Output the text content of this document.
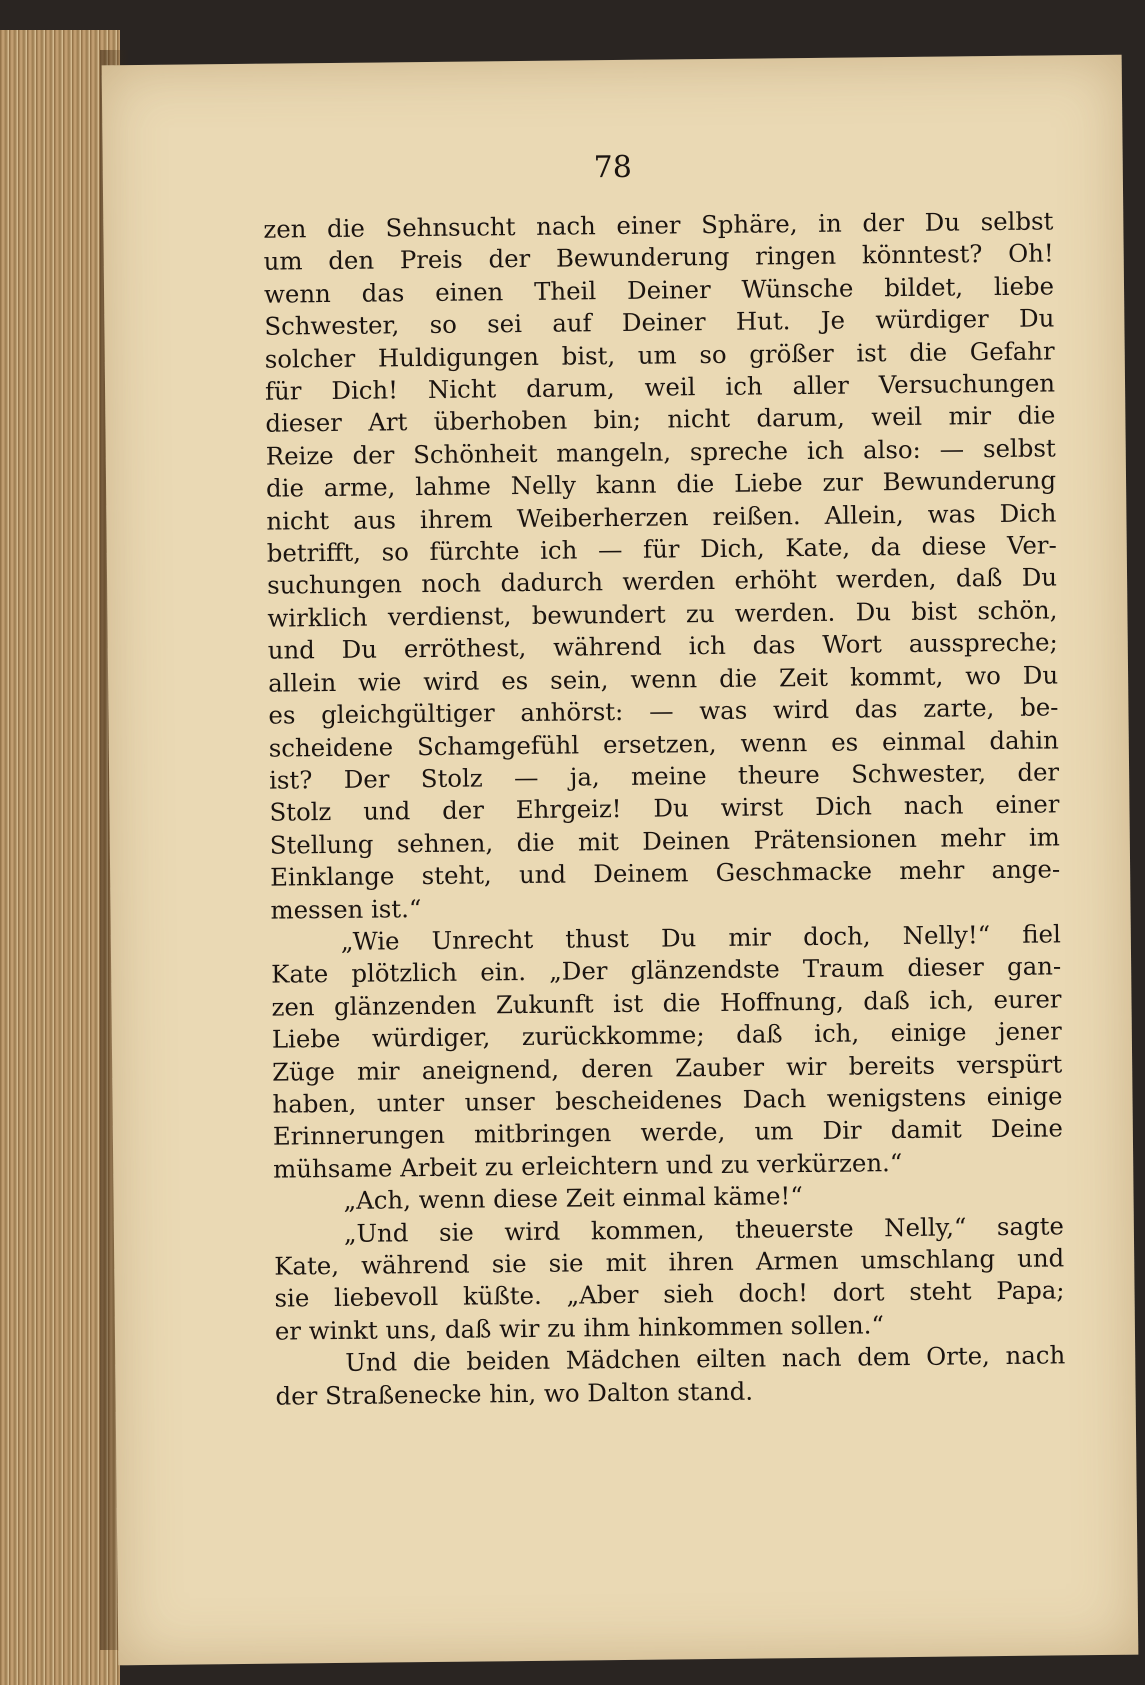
78
zen die Sehnsucht nach einer Sphäre, in der Du selbst
um den Preis der Bewunderung ringen könntest? Oh!
wenn das einen Theil Deiner Wünsche bildet, liebe
Schwester, so sei auf Deiner Hut. Je würdiger Du
solcher Huldigungen bist, um so größer ist die Gefahr
für Dich! Nicht darum, weil ich aller Versuchungen
dieser Art überhoben bin; nicht darum, weil mir die
Reize der Schönheit mangeln, spreche ich also: — selbst
die arme, lahme Nelly kann die Liebe zur Bewunderung
nicht aus ihrem Weiberherzen reißen. Allein, was Dich
betrifft, so fürchte ich — für Dich, Kate, da diese Ver-
suchungen noch dadurch werden erhöht werden, daß Du
wirklich verdienst, bewundert zu werden. Du bist schön,
und Du erröthest, während ich das Wort ausspreche;
allein wie wird es sein, wenn die Zeit kommt, wo Du
es gleichgültiger anhörst: — was wird das zarte, be-
scheidene Schamgefühl ersetzen, wenn es einmal dahin
ist? Der Stolz — ja, meine theure Schwester, der
Stolz und der Ehrgeiz! Du wirst Dich nach einer
Stellung sehnen, die mit Deinen Prätensionen mehr im
Einklange steht, und Deinem Geschmacke mehr ange-
messen ist.“
„Wie Unrecht thust Du mir doch, Nelly!“ fiel
Kate plötzlich ein. „Der glänzendste Traum dieser gan-
zen glänzenden Zukunft ist die Hoffnung, daß ich, eurer
Liebe würdiger, zurückkomme; daß ich, einige jener
Züge mir aneignend, deren Zauber wir bereits verspürt
haben, unter unser bescheidenes Dach wenigstens einige
Erinnerungen mitbringen werde, um Dir damit Deine
mühsame Arbeit zu erleichtern und zu verkürzen.“
„Ach, wenn diese Zeit einmal käme!“
„Und sie wird kommen, theuerste Nelly,“ sagte
Kate, während sie sie mit ihren Armen umschlang und
sie liebevoll küßte. „Aber sieh doch! dort steht Papa;
er winkt uns, daß wir zu ihm hinkommen sollen.“
Und die beiden Mädchen eilten nach dem Orte, nach
der Straßenecke hin, wo Dalton stand.
